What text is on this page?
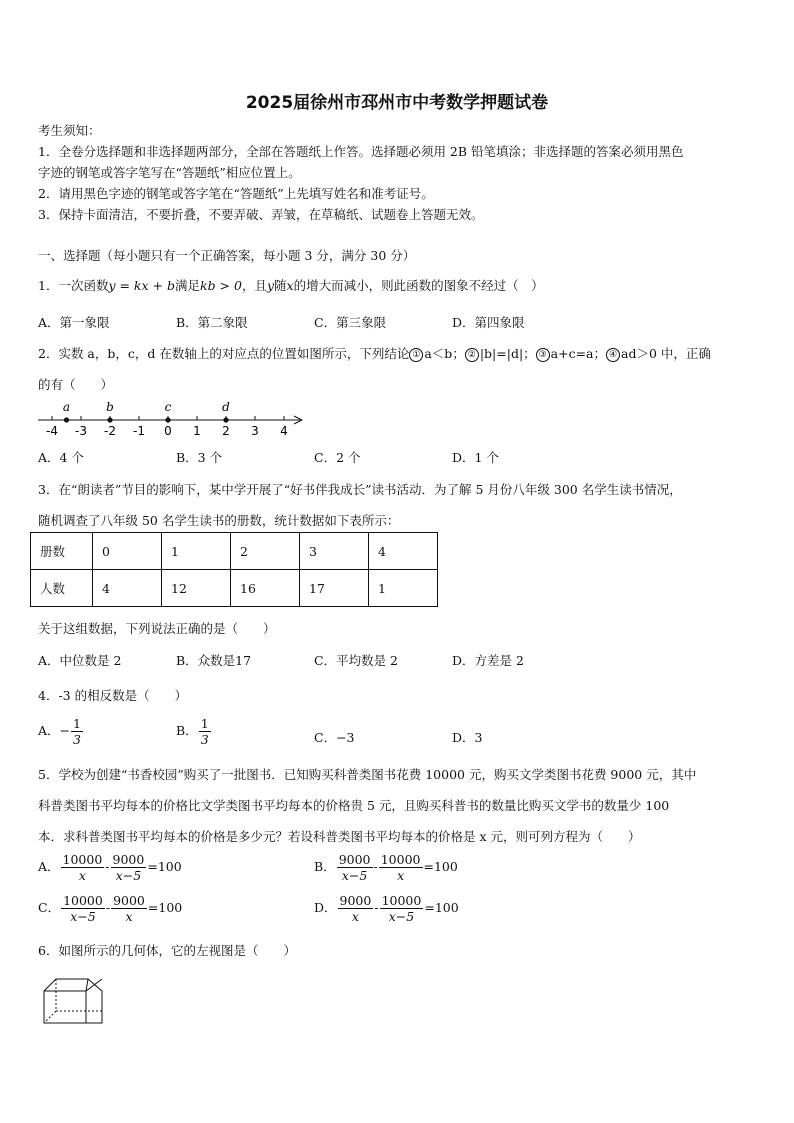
2025届徐州市邳州市中考数学押题试卷
考生须知：
1．全卷分选择题和非选择题两部分，全部在答题纸上作答。选择题必须用 2B 铅笔填涂；非选择题的答案必须用黑色
字迹的钢笔或答字笔写在“答题纸”相应位置上。
2．请用黑色字迹的钢笔或答字笔在“答题纸”上先填写姓名和准考证号。
3．保持卡面清洁，不要折叠，不要弄破、弄皱，在草稿纸、试题卷上答题无效。
一、选择题（每小题只有一个正确答案，每小题 3 分，满分 30 分）
1．一次函数y = kx + b满足kb > 0，且y随x的增大而减小，则此函数的图象不经过（　）
A．第一象限	B．第二象限	C．第三象限	D．第四象限
2．实数 a，b，c，d 在数轴上的对应点的位置如图所示，下列结论 ① a＜b； ② |b|=|d|； ③ a+c=a； ④ ad＞0 中，正确
的有（　　）
-4 -3 -2 -1 0 1 2 3 4
a	b	c	d
A．4 个	B．3 个	C．2 个	D．1 个
3．在“朗读者”节目的影响下，某中学开展了“好书伴我成长”读书活动．为了解 5 月份八年级 300 名学生读书情况，
随机调查了八年级 50 名学生读书的册数，统计数据如下表所示：
册数	0	1	2	3	4
人数	4	12	16	17	1
关于这组数据，下列说法正确的是（　　）
A．中位数是 2	B．众数是17	C．平均数是 2	D．方差是 2
4．-3 的相反数是（　　）
A．− $\frac{1}{3}$	B． $\frac{1}{3}$	C．−3	D．3
5．学校为创建“书香校园”购买了一批图书．已知购买科普类图书花费 10000 元，购买文学类图书花费 9000 元，其中
科普类图书平均每本的价格比文学类图书平均每本的价格贵 5 元，且购买科普书的数量比购买文学书的数量少 100
本．求科普类图书平均每本的价格是多少元？若设科普类图书平均每本的价格是 x 元，则可列方程为（　　）
A． $\frac{10000}{x} - \frac{9000}{x-5} =100$	B． $\frac{9000}{x-5} - \frac{10000}{x} =100$
C． $\frac{10000}{x-5} - \frac{9000}{x} =100$	D． $\frac{9000}{x} - \frac{10000}{x-5} =100$
6．如图所示的几何体，它的左视图是（　　）
